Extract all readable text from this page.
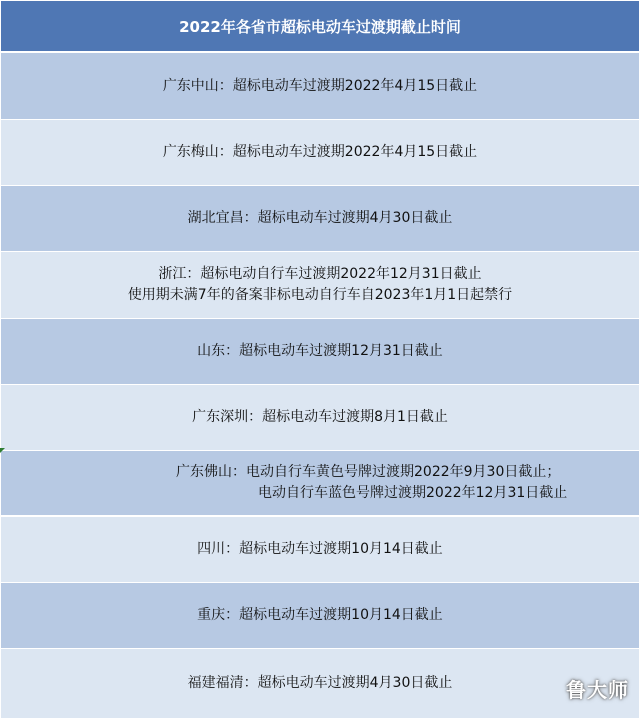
2022年各省市超标电动车过渡期截止时间
广东中山：超标电动车过渡期2022年4月15日截止
广东梅山：超标电动车过渡期2022年4月15日截止
湖北宜昌：超标电动车过渡期4月30日截止
浙江：超标电动自行车过渡期2022年12月31日截止
使用期未满7年的备案非标电动自行车自2023年1月1日起禁行
山东：超标电动车过渡期12月31日截止
广东深圳：超标电动车过渡期8月1日截止
广东佛山：电动自行车黄色号牌过渡期2022年9月30日截止；
电动自行车蓝色号牌过渡期2022年12月31日截止
四川：超标电动车过渡期10月14日截止
重庆：超标电动车过渡期10月14日截止
福建福清：超标电动车过渡期4月30日截止	鲁大师
